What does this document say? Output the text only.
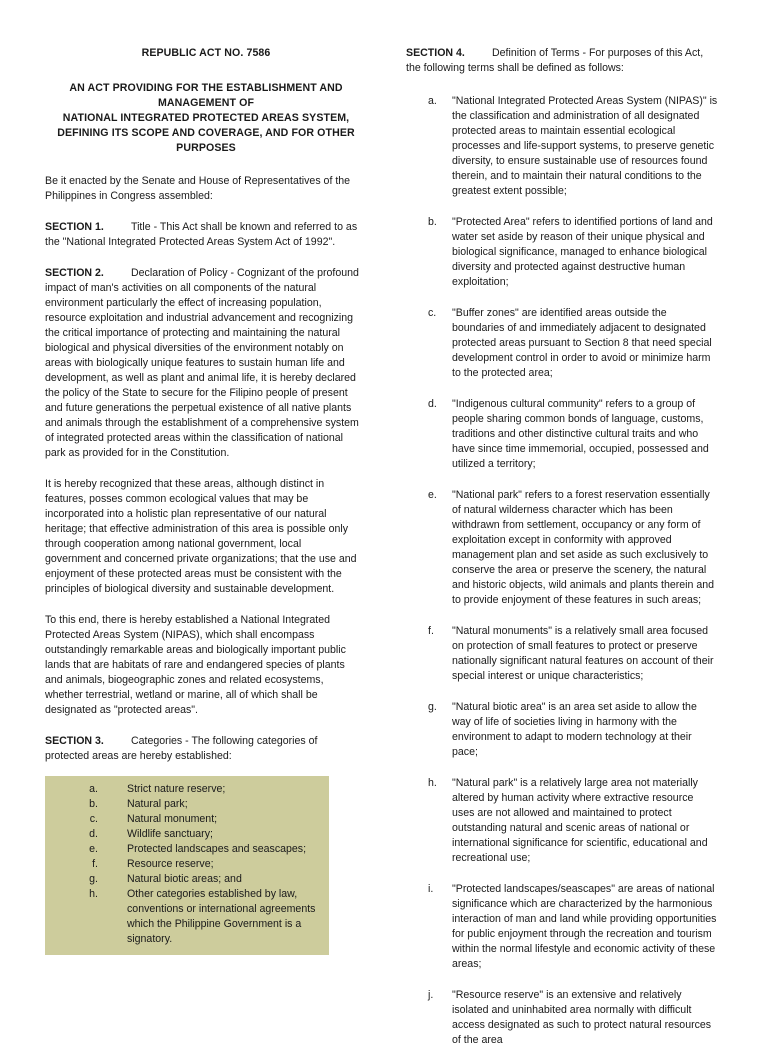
REPUBLIC ACT NO. 7586

AN ACT PROVIDING FOR THE ESTABLISHMENT AND

MANAGEMENT OF

NATIONAL INTEGRATED PROTECTED AREAS SYSTEM,

DEFINING ITS SCOPE AND COVERAGE, AND FOR OTHER

PURPOSES

Be it enacted by the Senate and House of Representatives of the Philippines in Congress assembled:

SECTION 1.	Title - This Act shall be known and referred to as the "National Integrated Protected Areas System Act of 1992".

SECTION 2.	Declaration of Policy - Cognizant of the profound impact of man's activities on all components of the natural environment particularly the effect of increasing population, resource exploitation and industrial advancement and recognizing the critical importance of protecting and maintaining the natural biological and physical diversities of the environment notably on areas with biologically unique features to sustain human life and development, as well as plant and animal life, it is hereby declared the policy of the State to secure for the Filipino people of present and future generations the perpetual existence of all native plants and animals through the establishment of a comprehensive system of integrated protected areas within the classification of national park as provided for in the Constitution.

It is hereby recognized that these areas, although distinct in features, posses common ecological values that may be incorporated into a holistic plan representative of our natural heritage; that effective administration of this area is possible only through cooperation among national government, local government and concerned private organizations; that the use and enjoyment of these protected areas must be consistent with the principles of biological diversity and sustainable development.

To this end, there is hereby established a National Integrated Protected Areas System (NIPAS), which shall encompass outstandingly remarkable areas and biologically important public lands that are habitats of rare and endangered species of plants and animals, biogeographic zones and related ecosystems, whether terrestrial, wetland or marine, all of which shall be designated as "protected areas".

SECTION 3.	Categories - The following categories of protected areas are hereby established:

a.	Strict nature reserve;
b.	Natural park;
c.	Natural monument;
d.	Wildlife sanctuary;
e.	Protected landscapes and seascapes;
f.	Resource reserve;
g.	Natural biotic areas; and
h.	Other categories established by law, conventions or international agreements which the Philippine Government is a signatory.

SECTION 4.	Definition of Terms - For purposes of this Act, the following terms shall be defined as follows:

a.	"National Integrated Protected Areas System (NIPAS)" is the classification and administration of all designated protected areas to maintain essential ecological processes and life-support systems, to preserve genetic diversity, to ensure sustainable use of resources found therein, and to maintain their natural conditions to the greatest extent possible;
b.	"Protected Area" refers to identified portions of land and water set aside by reason of their unique physical and biological significance, managed to enhance biological diversity and protected against destructive human exploitation;
c.	"Buffer zones" are identified areas outside the boundaries of and immediately adjacent to designated protected areas pursuant to Section 8 that need special development control in order to avoid or minimize harm to the protected area;
d.	"Indigenous cultural community" refers to a group of people sharing common bonds of language, customs, traditions and other distinctive cultural traits and who have since time immemorial, occupied, possessed and utilized a territory;
e.	"National park" refers to a forest reservation essentially of natural wilderness character which has been withdrawn from settlement, occupancy or any form of exploitation except in conformity with approved management plan and set aside as such exclusively to conserve the area or preserve the scenery, the natural and historic objects, wild animals and plants therein and to provide enjoyment of these features in such areas;
f.	"Natural monuments" is a relatively small area focused on protection of small features to protect or preserve nationally significant natural features on account of their special interest or unique characteristics;
g.	"Natural biotic area" is an area set aside to allow the way of life of societies living in harmony with the environment to adapt to modern technology at their pace;
h.	"Natural park" is a relatively large area not materially altered by human activity where extractive resource uses are not allowed and maintained to protect outstanding natural and scenic areas of national or international significance for scientific, educational and recreational use;
i.	"Protected landscapes/seascapes" are areas of national significance which are characterized by the harmonious interaction of man and land while providing opportunities for public enjoyment through the recreation and tourism within the normal lifestyle and economic activity of these areas;
j.	"Resource reserve" is an extensive and relatively isolated and uninhabited area normally with difficult access designated as such to protect natural resources of the area
